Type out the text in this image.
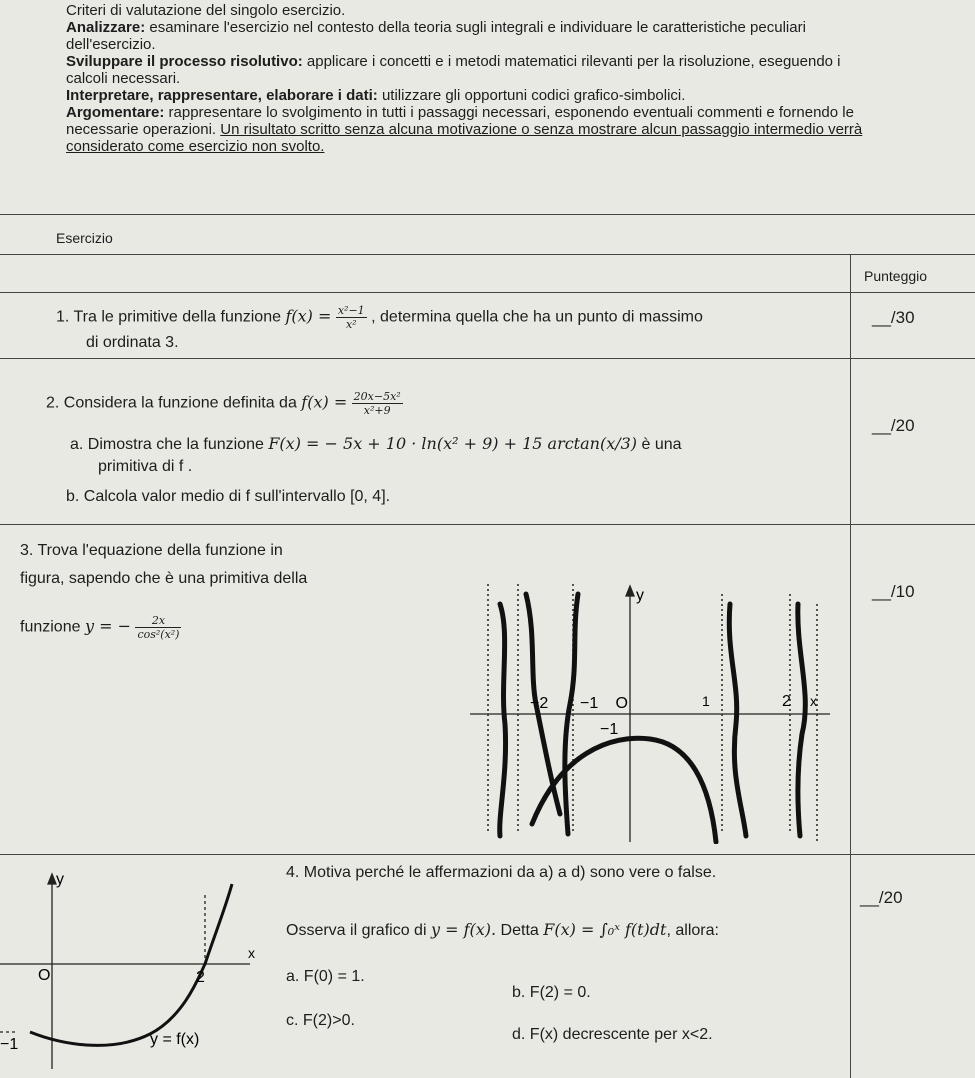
Criteri di valutazione del singolo esercizio.

Analizzare: esaminare l'esercizio nel contesto della teoria sugli integrali e individuare le caratteristiche peculiari

dell'esercizio.

Sviluppare il processo risolutivo: applicare i concetti e i metodi matematici rilevanti per la risoluzione, eseguendo i

calcoli necessari.

Interpretare, rappresentare, elaborare i dati: utilizzare gli opportuni codici grafico-simbolici.

Argomentare: rappresentare lo svolgimento in tutti i passaggi necessari, esponendo eventuali commenti e fornendo le

necessarie operazioni. Un risultato scritto senza alcuna motivazione o senza mostrare alcun passaggio intermedio verrà

considerato come esercizio non svolto.

Esercizio
Punteggio
1. Tra le primitive della funzione $f(x) = \frac{\text{x²−1}}{\text{x²}}$ , determina quella che ha un punto di massimo
di ordinata 3.
__/30
2. Considera la funzione definita da $f(x) = \frac{\text{20x−5x²}}{\text{x²+9}}$
a. Dimostra che la funzione F(x) = − 5x + 10 · ln(x² + 9) + 15 arctan(x/3) è una
primitiva di f .
b. Calcola valor medio di f sull'intervallo [0, 4].
__/20
3. Trova l'equazione della funzione in
figura, sapendo che è una primitiva della
funzione y = − $\frac{2x}{\text{cos²(x²)}}$
__/10
y
x
O
−2 −1	1	2
−1
y
x
O	2
−1	y = f(x)
4. Motiva perché le affermazioni da a) a d) sono vere o false.
Osserva il grafico di y = f(x). Detta F(x) = ∫₀ˣ f(t)dt, allora:
a. F(0) = 1.
b. F(2) = 0.
c. F(2)>0.
d. F(x) decrescente per x<2.
__/20
